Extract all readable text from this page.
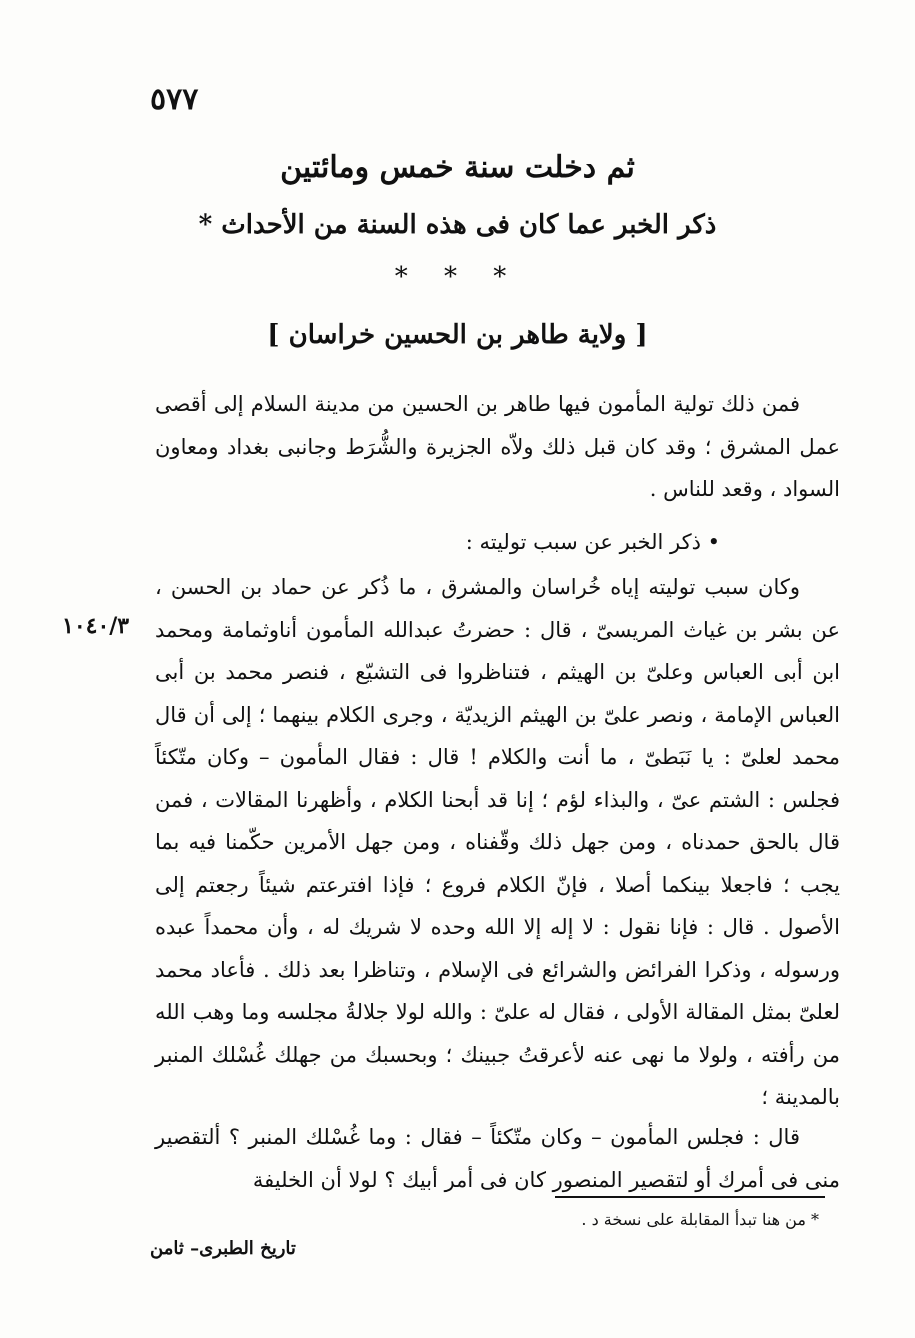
٥٧٧
ثم دخلت سنة خمس ومائتين
ذكر الخبر عما كان فى هذه السنة من الأحداث *
* * *
[ ولاية طاهر بن الحسين خراسان ]

فمن ذلك تولية المأمون فيها طاهر بن الحسين من مدينة السلام إلى أقصى عمل المشرق ؛ وقد كان قبل ذلك ولاّه الجزيرة والشُّرَط وجانبى بغداد ومعاون السواد ، وقعد للناس .

• ذكر الخبر عن سبب توليته :

وكان سبب توليته إياه خُراسان والمشرق ، ما ذُكر عن حماد بن الحسن ، عن بشر بن غياث المريسىّ ، قال : حضرتُ عبدالله المأمون أناوثمامة ومحمد ابن أبى العباس وعلىّ بن الهيثم ، فتناظروا فى التشيّع ، فنصر محمد بن أبى العباس الإمامة ، ونصر علىّ بن الهيثم الزيديّة ، وجرى الكلام بينهما ؛ إلى أن قال محمد لعلىّ : يا نَبَطىّ ، ما أنت والكلام ! قال : فقال المأمون – وكان متّكئاً فجلس : الشتم عىّ ، والبذاء لؤم ؛ إنا قد أبحنا الكلام ، وأظهرنا المقالات ، فمن قال بالحق حمدناه ، ومن جهل ذلك وقّفناه ، ومن جهل الأمرين حكّمنا فيه بما يجب ؛ فاجعلا بينكما أصلا ، فإنّ الكلام فروع ؛ فإذا افترعتم شيئاً رجعتم إلى الأصول . قال : فإنا نقول : لا إله إلا الله وحده لا شريك له ، وأن محمداً عبده ورسوله ، وذكرا الفرائض والشرائع فى الإسلام ، وتناظرا بعد ذلك . فأعاد محمد لعلىّ بمثل المقالة الأولى ، فقال له علىّ : والله لولا جلالةُ مجلسه وما وهب الله من رأفته ، ولولا ما نهى عنه لأعرقتُ جبينك ؛ وبحسبك من جهلك غُسْلك المنبر بالمدينة ؛

١٠٤٠/٣

قال : فجلس المأمون – وكان متّكئاً – فقال : وما غُسْلك المنبر ؟ ألتقصير منى فى أمرك أو لتقصير المنصور كان فى أمر أبيك ؟ لولا أن الخليفة

* من هنا تبدأ المقابلة على نسخة د .
تاريخ الطبرى– ثامن
